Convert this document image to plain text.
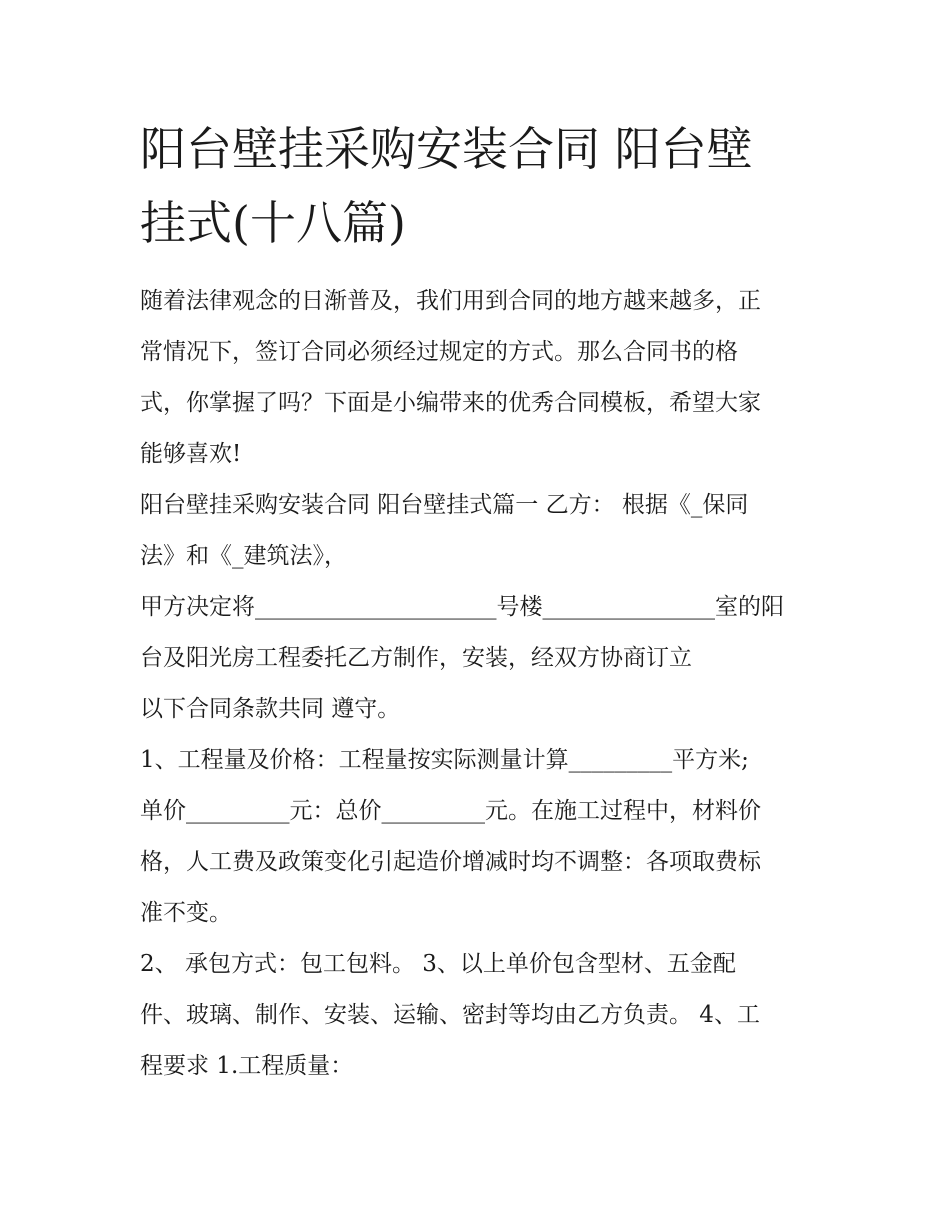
阳台壁挂采购安装合同 阳台壁
挂式(十八篇)
随着法律观念的日渐普及，我们用到合同的地方越来越多，正
常情况下，签订合同必须经过规定的方式。那么合同书的格
式，你掌握了吗？下面是小编带来的优秀合同模板，希望大家
能够喜欢!
阳台壁挂采购安装合同 阳台壁挂式篇一 乙方： 根据《_保同
法》和《_建筑法》，
甲方决定将_____________________号楼_______________室的阳
台及阳光房工程委托乙方制作，安装，经双方协商订立
以下合同条款共同 遵守。
1、工程量及价格：工程量按实际测量计算_________平方米;
单价_________元：总价_________元。在施工过程中，材料价
格，人工费及政策变化引起造价增减时均不调整：各项取费标
准不变。
2、 承包方式：包工包料。 3、以上单价包含型材、五金配
件、玻璃、制作、安装、运输、密封等均由乙方负责。 4、工
程要求 1.工程质量：
